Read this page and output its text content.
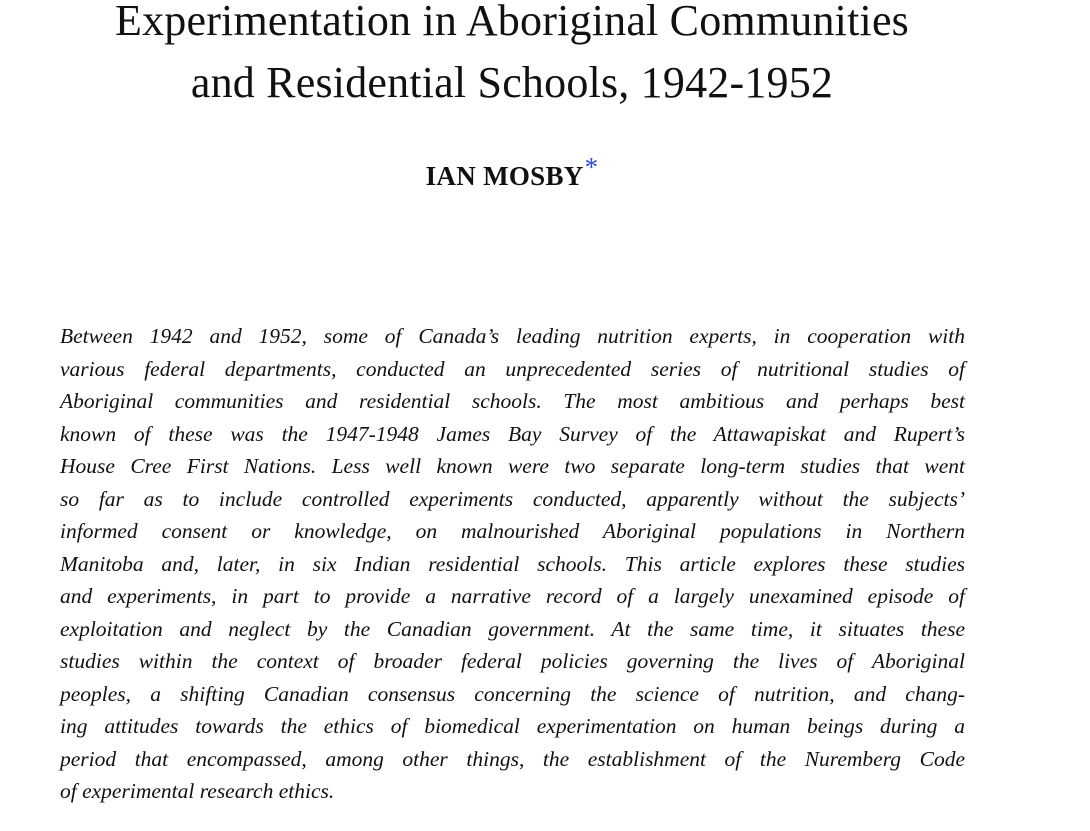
Experimentation in Aboriginal Communities
and Residential Schools, 1942-1952
IAN MOSBY*
Between 1942 and 1952, some of Canada’s leading nutrition experts, in cooperation with
various federal departments, conducted an unprecedented series of nutritional studies of
Aboriginal communities and residential schools. The most ambitious and perhaps best
known of these was the 1947-1948 James Bay Survey of the Attawapiskat and Rupert’s
House Cree First Nations. Less well known were two separate long-term studies that went
so far as to include controlled experiments conducted, apparently without the subjects’
informed consent or knowledge, on malnourished Aboriginal populations in Northern
Manitoba and, later, in six Indian residential schools. This article explores these studies
and experiments, in part to provide a narrative record of a largely unexamined episode of
exploitation and neglect by the Canadian government. At the same time, it situates these
studies within the context of broader federal policies governing the lives of Aboriginal
peoples, a shifting Canadian consensus concerning the science of nutrition, and chang-
ing attitudes towards the ethics of biomedical experimentation on human beings during a
period that encompassed, among other things, the establishment of the Nuremberg Code
of experimental research ethics.
